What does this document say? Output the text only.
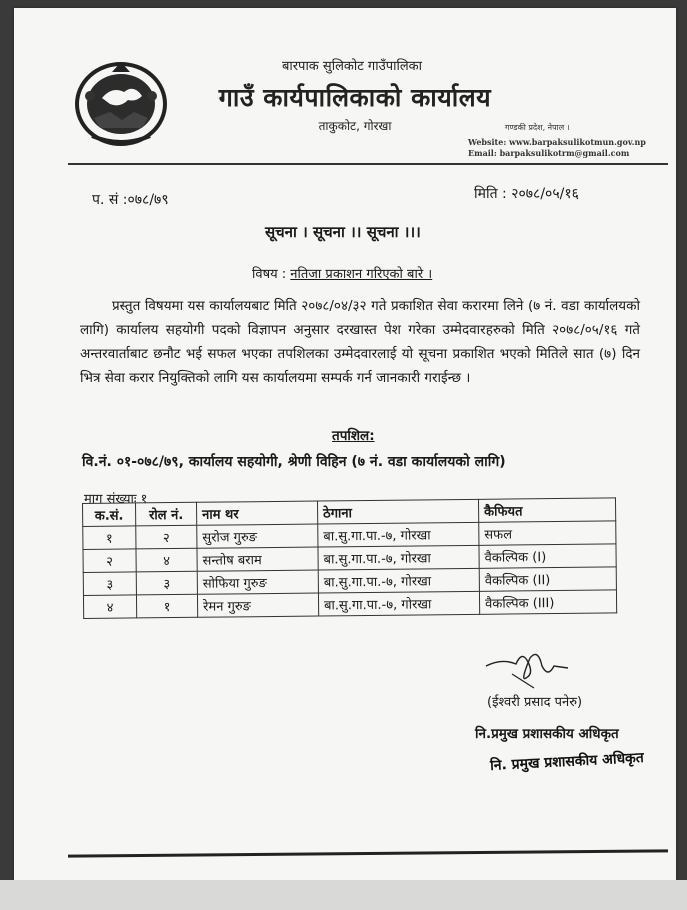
बारपाक सुलिकोट गाउँपालिका
गाउँ कार्यपालिकाको कार्यालय
ताकुकोट, गोरखा	गण्डकी प्रदेश, नेपाल ।
Website: www.barpaksulikotmun.gov.np
Email: barpaksulikotrm@gmail.com
प. सं :०७८/७९	मिति : २०७८/०५/१६
सूचना । सूचना ।। सूचना ।।।
विषय : नतिजा प्रकाशन गरिएको बारे ।
प्रस्तुत विषयमा यस कार्यालयबाट मिति २०७८/०४/३२ गते प्रकाशित सेवा करारमा लिने (७ नं. वडा कार्यालयको लागि) कार्यालय सहयोगी पदको विज्ञापन अनुसार दरखास्त पेश गरेका उम्मेदवारहरुको मिति २०७८/०५/१६ गते अन्तरवार्ताबाट छनौट भई सफल भएका तपशिलका उम्मेदवारलाई यो सूचना प्रकाशित भएको मितिले सात (७) दिन भित्र सेवा करार नियुक्तिको लागि यस कार्यालयमा सम्पर्क गर्न जानकारी गराईन्छ ।
तपशिल:
वि.नं. ०१-०७८/७९, कार्यालय सहयोगी, श्रेणी विहिन (७ नं. वडा कार्यालयको लागि)
माग संख्याः १
क.सं.	रोल नं.	नाम थर	ठेगाना	कैफियत
१	२	सुरोज गुरुङ	बा.सु.गा.पा.-७, गोरखा	सफल
२	४	सन्तोष बराम	बा.सु.गा.पा.-७, गोरखा	वैकल्पिक (I)
३	३	सोफिया गुरुङ	बा.सु.गा.पा.-७, गोरखा	वैकल्पिक (II)
४	१	रेमन गुरुङ	बा.सु.गा.पा.-७, गोरखा	वैकल्पिक (III)
(ईश्वरी प्रसाद पनेरु)
नि.प्रमुख प्रशासकीय अधिकृत
नि. प्रमुख प्रशासकीय अधिकृत
